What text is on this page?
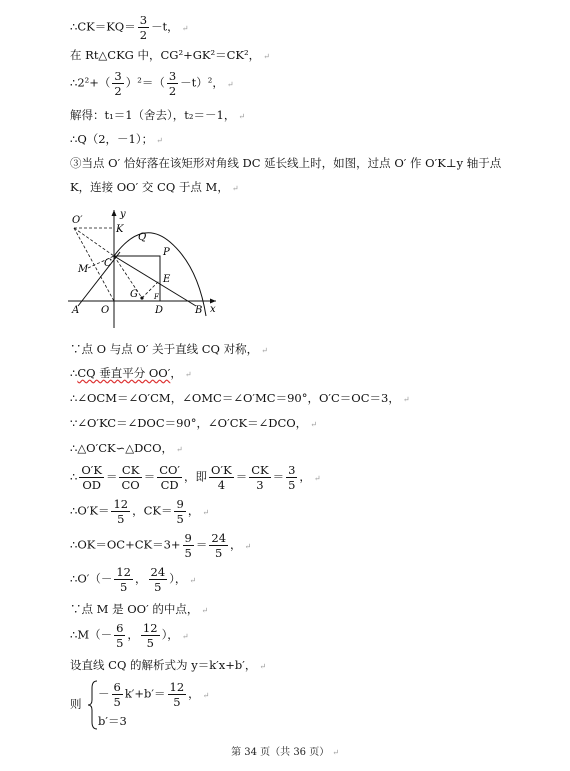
∴CK＝KQ＝ $\frac{3}{2} -t$， ↵
在 Rt△CKG 中，CG²+GK²＝CK²， ↵
∴2²+（ $\frac{3}{2} )^2=( \frac{3}{2} -t)^2$， ↵
解得：t₁＝1（舍去），t₂＝－1， ↵
∴Q（2，－1）； ↵
③当点 O′ 恰好落在该矩形对角线 DC 延长线上时，如图，过点 O′ 作 O′K⊥y 轴于点
K，连接 OO′ 交 CQ 于点 M， ↵
O′
K
y
Q
P
M
C
E
G F
A O	D	B x
∵点 O 与点 O′ 关于直线 CQ 对称， ↵
∴CQ 垂直平分 OO′， ↵
∴∠OCM＝∠O′CM，∠OMC＝∠O′MC＝90°，O′C＝OC＝3， ↵
∵∠O′KC＝∠DOC＝90°，∠O′CK＝∠DCO， ↵
∴△O′CK∽△DCO， ↵
∴ $\frac{O'K}{OD} = \frac{CK}{CO} = \frac{CO'}{CD}$ ，即 $\frac{O'K}{4} = \frac{CK}{3} = \frac{3}{5}$ ， ↵
∴O′K＝ $\frac{12}{5}$ ，$CK= \frac{9}{5}$ ， ↵
∴OK＝OC+CK＝3+ $\frac{9}{5} = \frac{24}{5}$ ， ↵
∴O′（－ $\frac{12}{5}$ ， $\frac{24}{5}$ ）， ↵
∵点 M 是 OO′ 的中点， ↵
∴M（－ $\frac{6}{5}$ ， $\frac{12}{5}$ ）， ↵
设直线 CQ 的解析式为 y＝k′x+b′， ↵
则
－ $\frac{6}{5} k'+b'= \frac{12}{5}$ ， ↵
b′＝3
第 34 页（共 36 页） ↵
